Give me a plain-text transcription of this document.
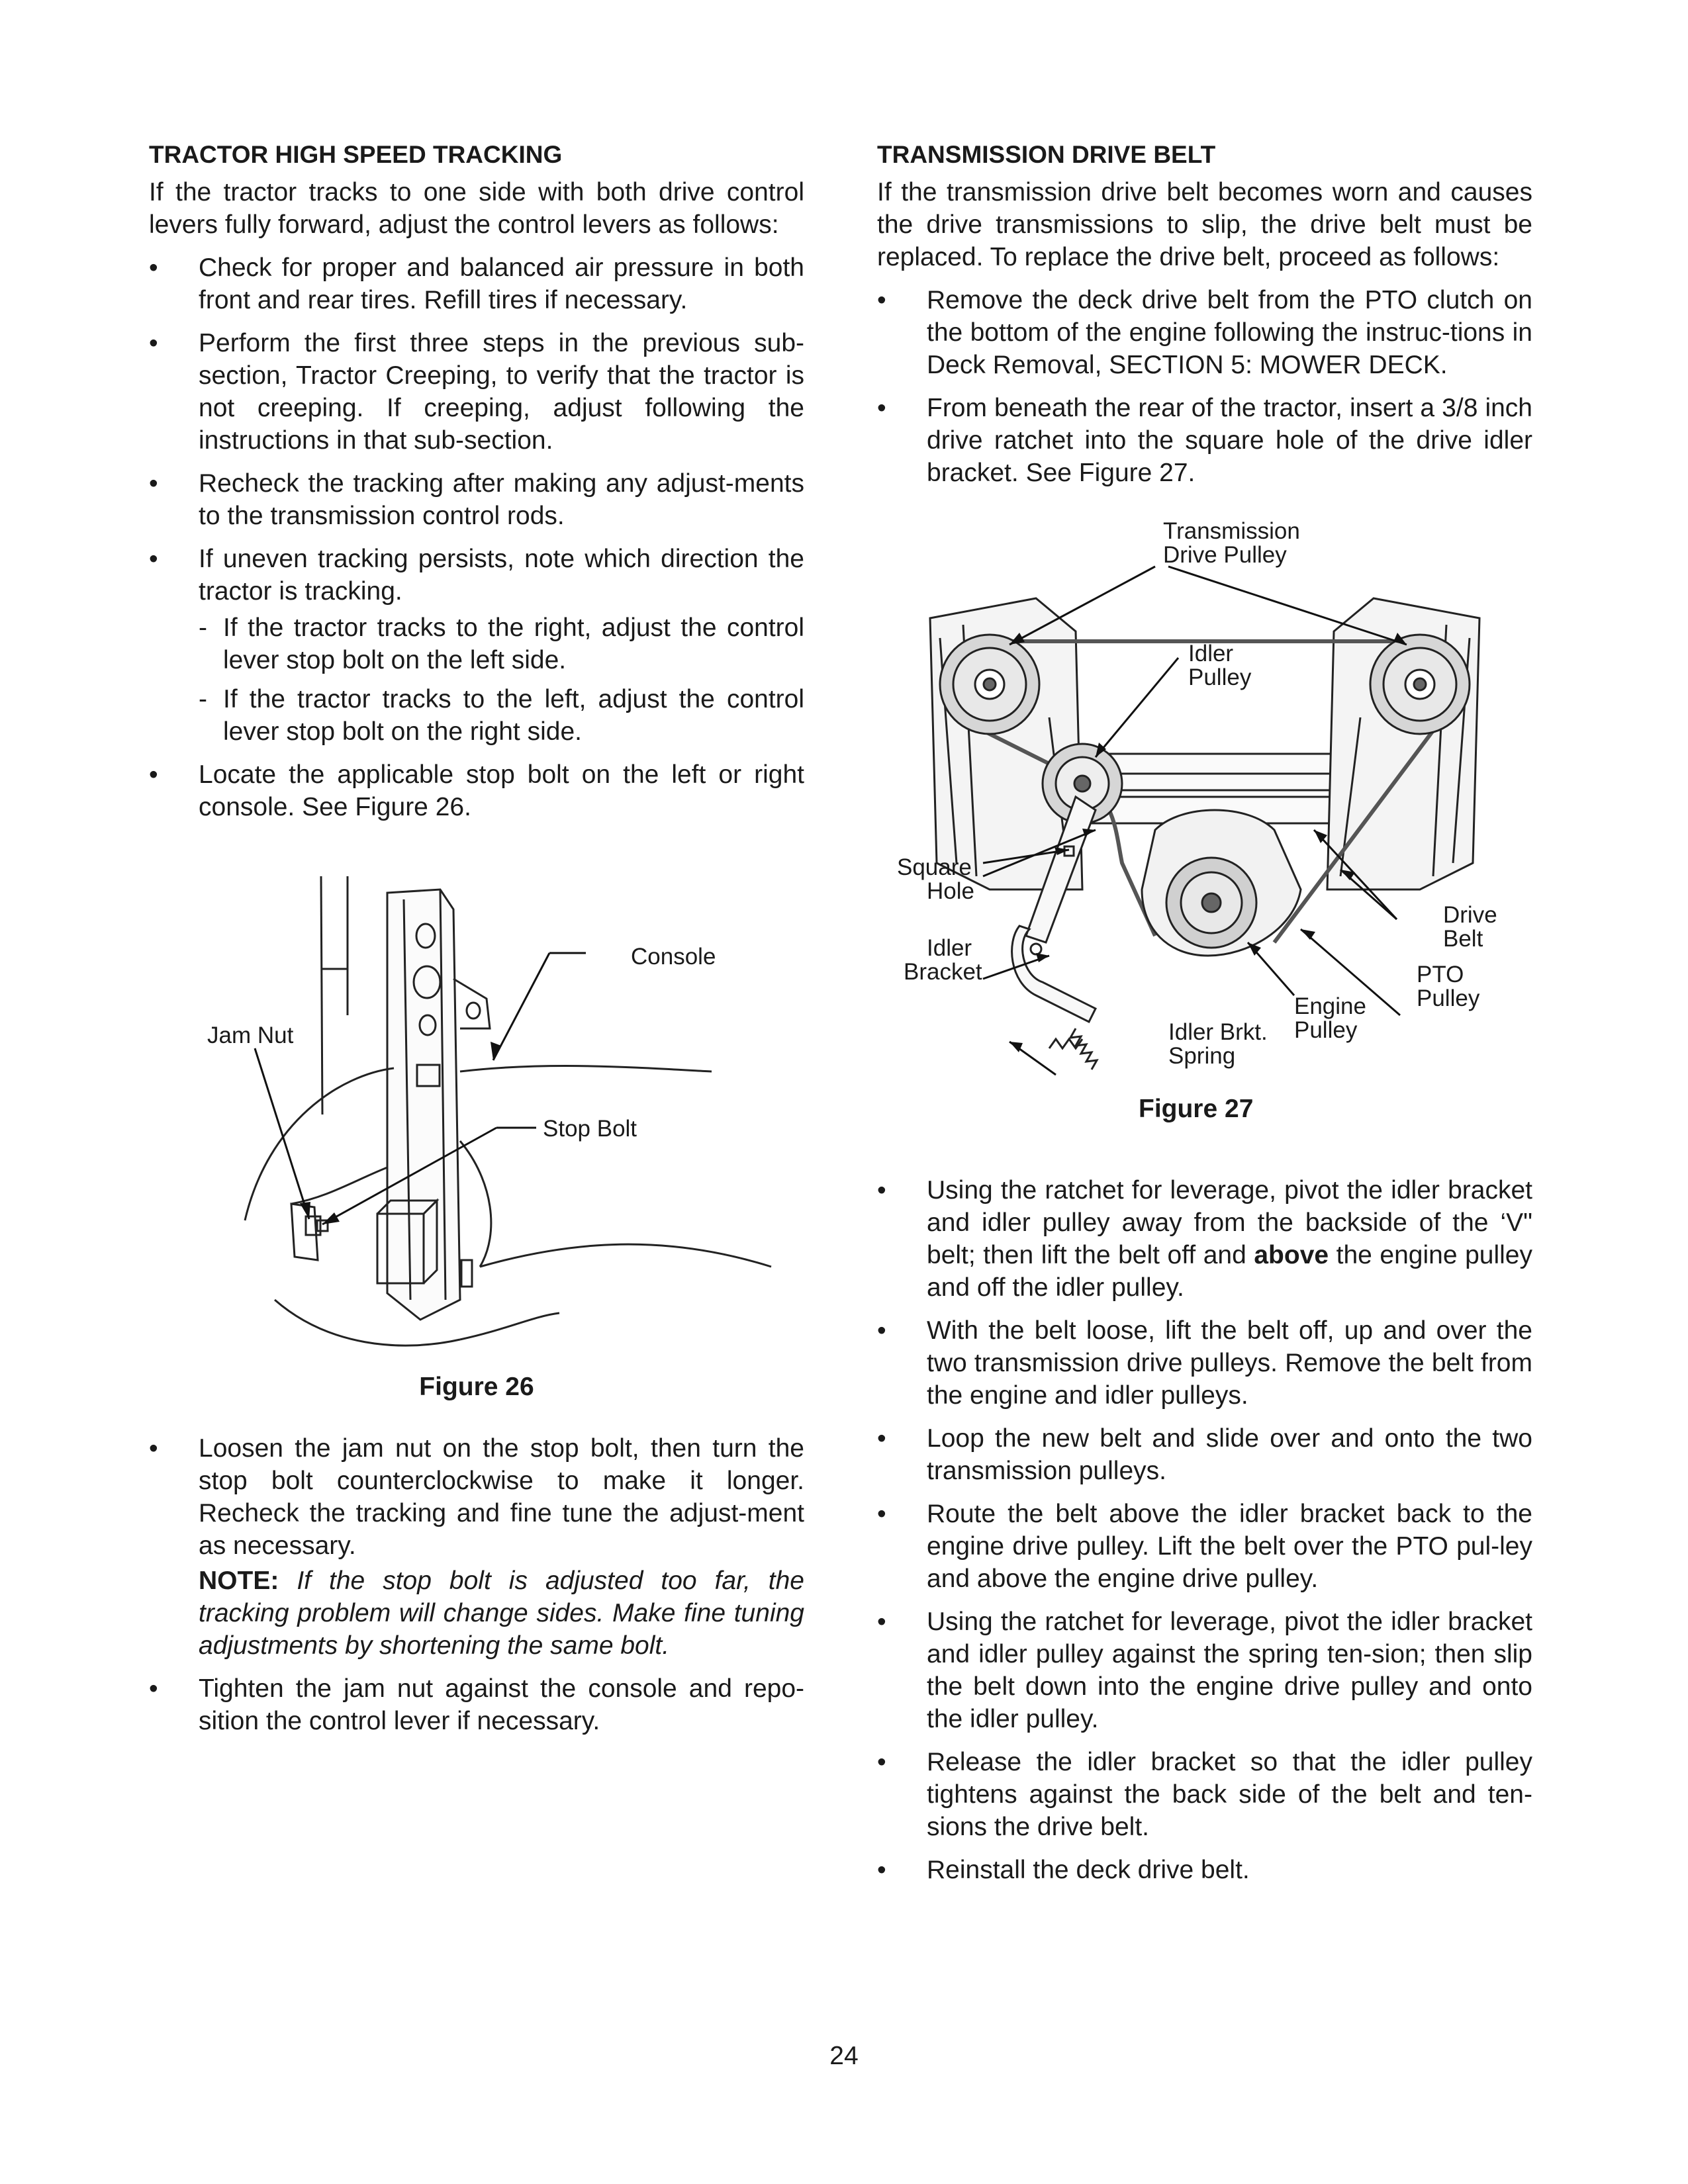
TRACTOR HIGH SPEED TRACKING
If the tractor tracks to one side with both drive control levers fully forward, adjust the control levers as follows:
•	Check for proper and balanced air pressure in both front and rear tires. Refill tires if necessary.
•	Perform the first three steps in the previous sub-section, Tractor Creeping, to verify that the tractor is not creeping. If creeping, adjust following the instructions in that sub-section.
•	Recheck the tracking after making any adjust-ments to the transmission control rods.
•	If uneven tracking persists, note which direction the tractor is tracking.
- If the tractor tracks to the right, adjust the control lever stop bolt on the left side.
- If the tractor tracks to the left, adjust the control lever stop bolt on the right side.
•	Locate the applicable stop bolt on the left or right console. See Figure 26.
Console
Jam Nut
Stop Bolt
Figure 26
•	Loosen the jam nut on the stop bolt, then turn the stop bolt counterclockwise to make it longer. Recheck the tracking and fine tune the adjust-ment as necessary.
NOTE: If the stop bolt is adjusted too far, the tracking problem will change sides. Make fine tuning adjustments by shortening the same bolt.
•	Tighten the jam nut against the console and repo-sition the control lever if necessary.
TRANSMISSION DRIVE BELT
If the transmission drive belt becomes worn and causes the drive transmissions to slip, the drive belt must be replaced. To replace the drive belt, proceed as follows:
•	Remove the deck drive belt from the PTO clutch on the bottom of the engine following the instruc-tions in Deck Removal, SECTION 5: MOWER DECK.
•	From beneath the rear of the tractor, insert a 3/8 inch drive ratchet into the square hole of the drive idler bracket. See Figure 27.
Transmission
Drive Pulley
Idler
Pulley
Square
Hole
Drive
Belt
Idler
Bracket	PTO
Pulley
Engine
Pulley
Idler Brkt.
Spring
Figure 27
•	Using the ratchet for leverage, pivot the idler bracket and idler pulley away from the backside of the ‘V" belt; then lift the belt off and above the engine pulley and off the idler pulley.
•	With the belt loose, lift the belt off, up and over the two transmission drive pulleys. Remove the belt from the engine and idler pulleys.
•	Loop the new belt and slide over and onto the two transmission pulleys.
•	Route the belt above the idler bracket back to the engine drive pulley. Lift the belt over the PTO pul-ley and above the engine drive pulley.
•	Using the ratchet for leverage, pivot the idler bracket and idler pulley against the spring ten-sion; then slip the belt down into the engine drive pulley and onto the idler pulley.
•	Release the idler bracket so that the idler pulley tightens against the back side of the belt and ten-sions the drive belt.
•	Reinstall the deck drive belt.
24
